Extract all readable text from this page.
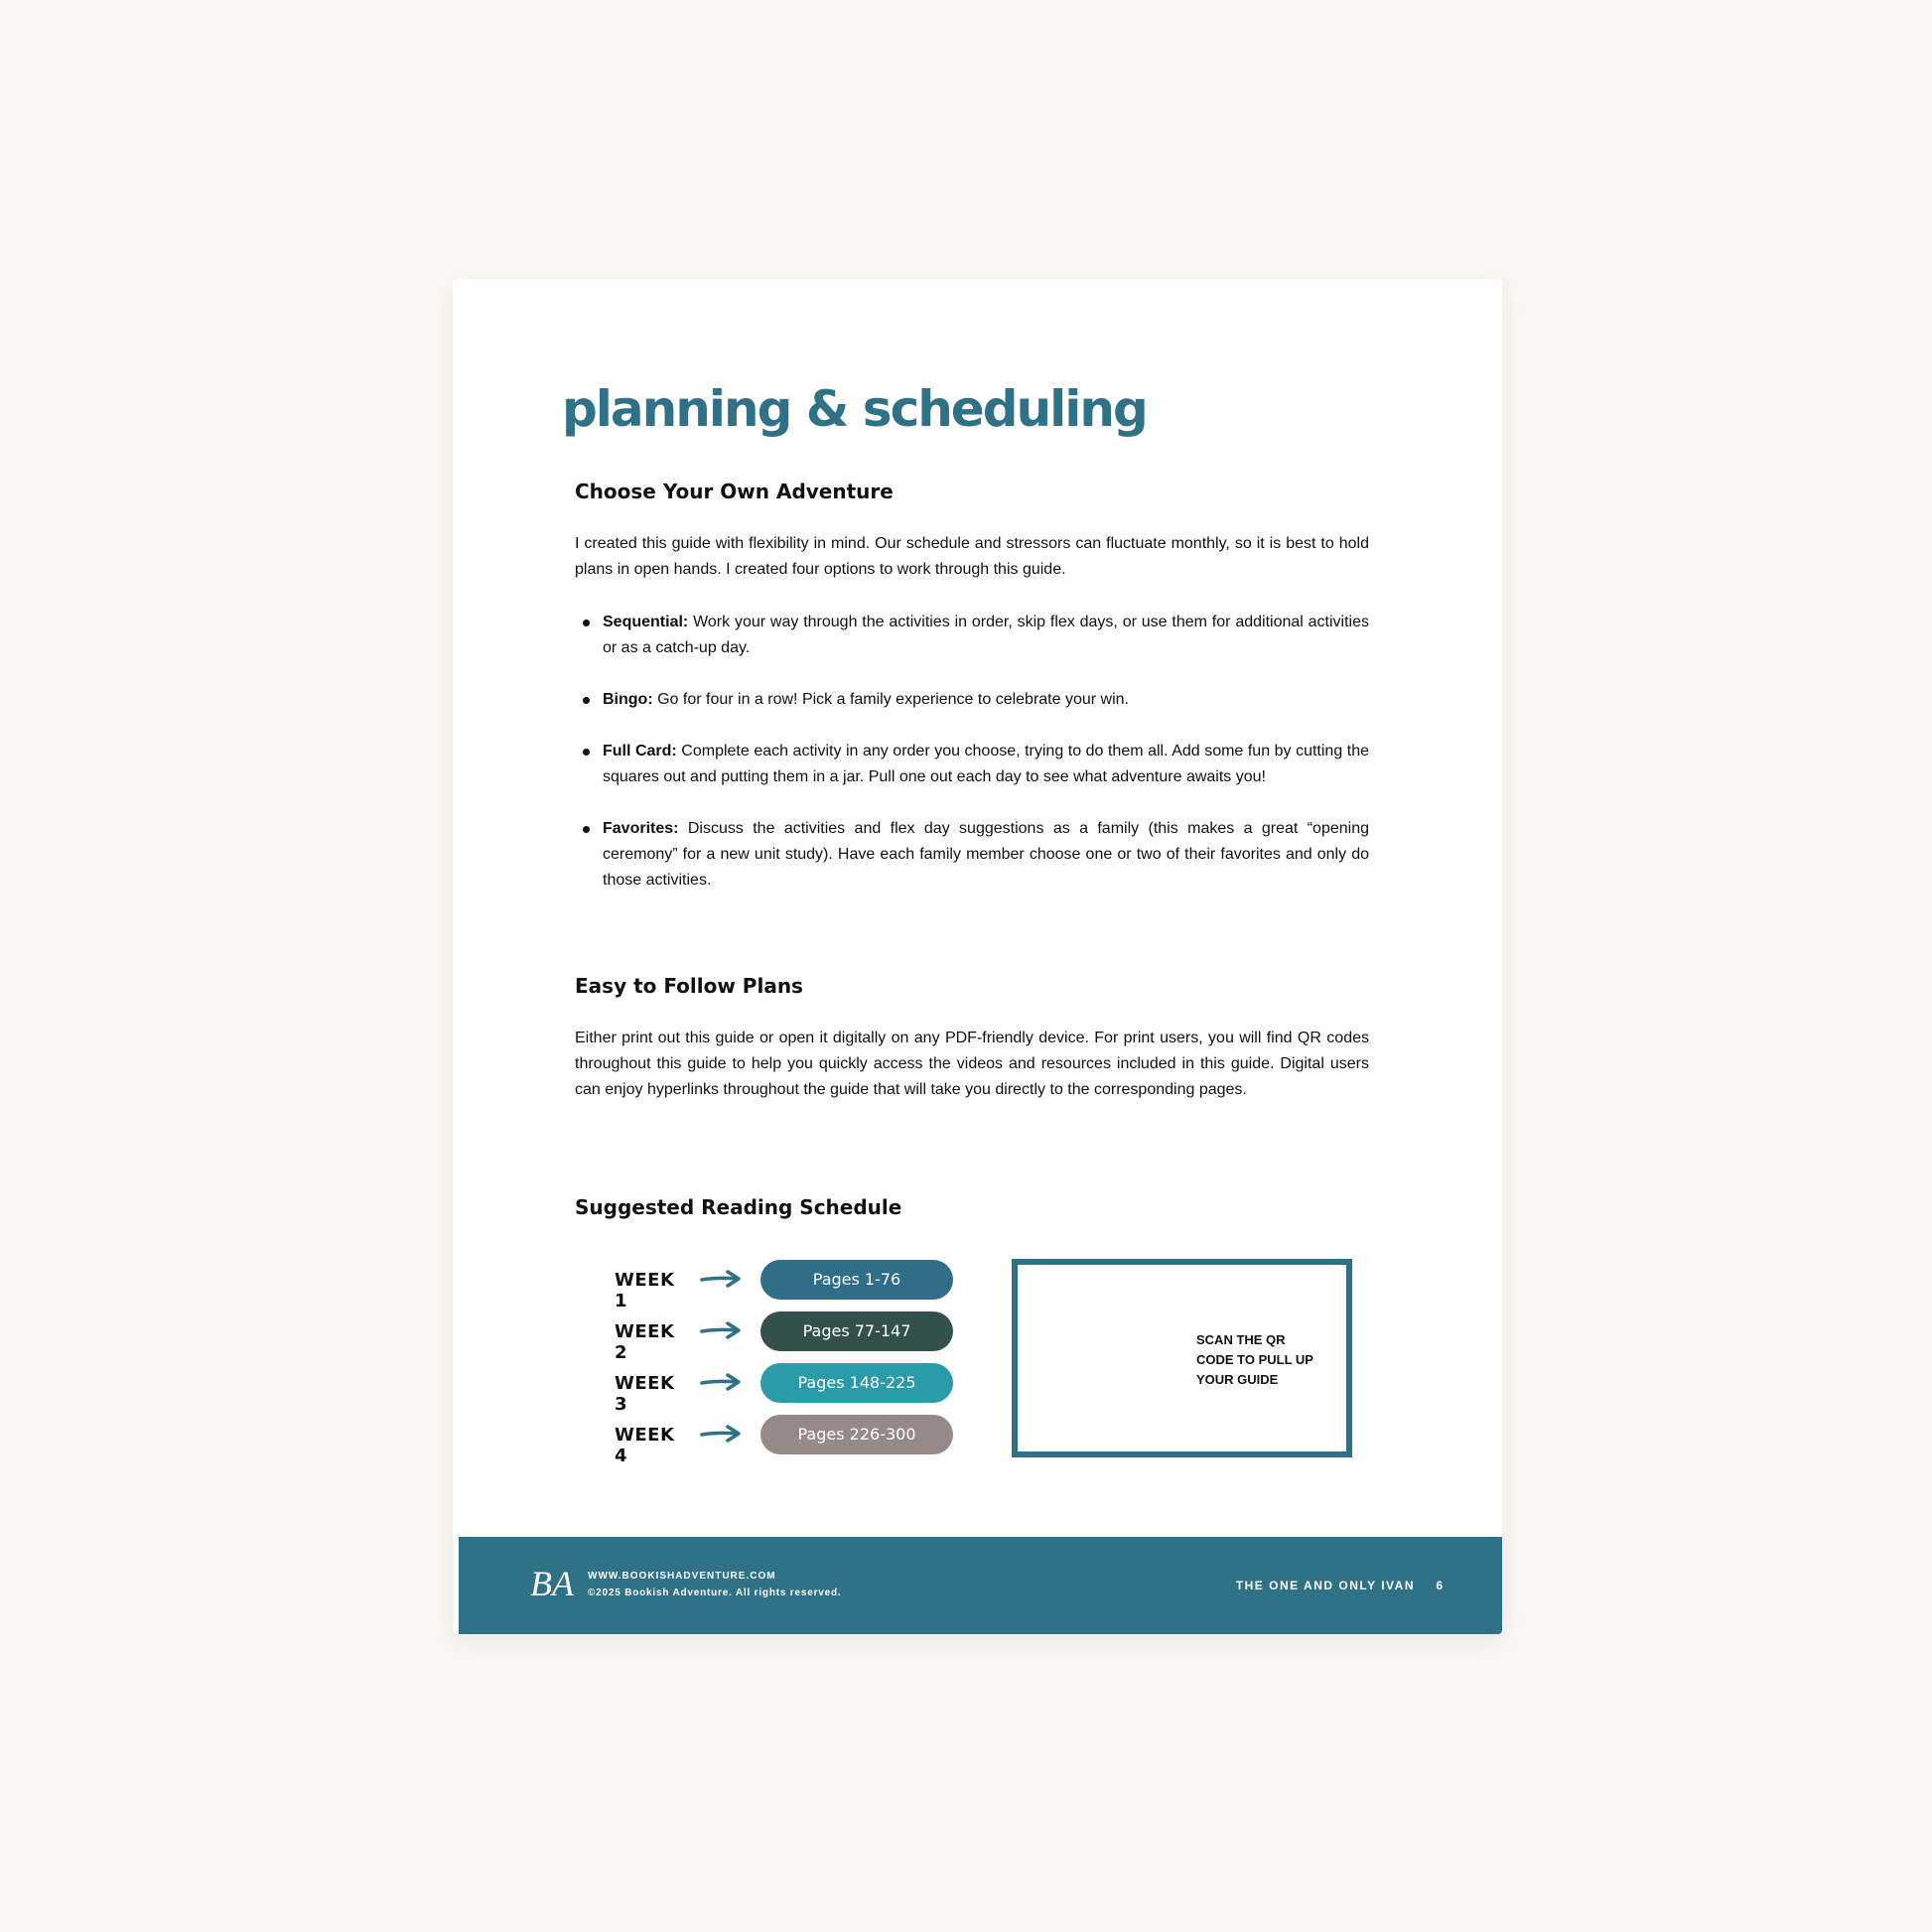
planning & scheduling
Choose Your Own Adventure

I created this guide with flexibility in mind. Our schedule and stressors can fluctuate monthly, so it is best to hold plans in open hands. I created four options to work through this guide.

Sequential: Work your way through the activities in order, skip flex days, or use them for additional activities or as a catch-up day.
Bingo: Go for four in a row! Pick a family experience to celebrate your win.
Full Card: Complete each activity in any order you choose, trying to do them all. Add some fun by cutting the squares out and putting them in a jar. Pull one out each day to see what adventure awaits you!
Favorites: Discuss the activities and flex day suggestions as a family (this makes a great “opening ceremony” for a new unit study). Have each family member choose one or two of their favorites and only do those activities.
Easy to Follow Plans

Either print out this guide or open it digitally on any PDF-friendly device. For print users, you will find QR codes throughout this guide to help you quickly access the videos and resources included in this guide. Digital users can enjoy hyperlinks throughout the guide that will take you directly to the corresponding pages.

Suggested Reading Schedule
WEEK 1
Pages 1-76
WEEK 2
Pages 77-147
WEEK 3
Pages 148-225
WEEK 4
Pages 226-300
SCAN THE QR CODE TO PULL UP YOUR GUIDE
BA WWW.BOOKISHADVENTURE.COM
©2025 Bookish Adventure. All rights reserved.
THE ONE AND ONLY IVAN 6
